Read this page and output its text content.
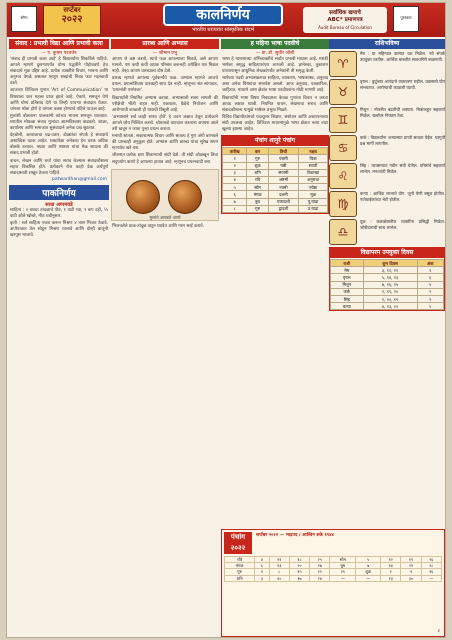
स्टॅम्प
सप्टेंबर
२०२२	कालनिर्णय
भारतीय घराघरांत सांस्कृतिक संदर्भ
सर्वाधिक खपाचे
ABC* प्रमाणपत्र
Audit Bureau of Circulation
पुरस्कार
संवाद : प्रभावी विद्या आणि प्रभावी कला
— ए. कुमार पटवर्धन

'संवाद ही प्रभावी कला आहे' हे विद्यार्थ्यांना शिकविले पाहिजे. आपले म्हणणे दुसऱ्यापर्यंत योग्य पद्धतीने पोहोचवणे हेच संवादाचे मूळ उद्दिष्ट आहे. प्रत्येक व्यक्तीचे विचार, भावना आणि अनुभव वेगळे असतात म्हणून शब्दांची निवड फार महत्त्वाची ठरते.

आजच्या डिजिटल युगात 'Art of Communication' या विषयाला फार महत्त्व प्राप्त झाले आहे. ऐकणे, समजून घेणे आणि योग्य प्रतिसाद देणे या तिन्ही पायऱ्या संवादात येतात. चांगला श्रोता होणे हे चांगला वक्ता होण्याचे पहिले पाऊल आहे.

मुलांशी बोलताना पालकांनी त्यांच्या भावना समजून घ्याव्यात. घरातील मोकळा संवाद मुलांचा आत्मविश्वास वाढवतो. शाळा, कार्यालय आणि समाजात सुसंवादाने अनेक प्रश्न सुटतात.

देहबोली, आवाजाचा चढ-उतार, डोळ्यांचा संपर्क हे संवादाचे अशाब्दिक घटक आहेत. शब्दांपेक्षा अनेकदा हेच घटक अधिक बोलके ठरतात. नम्रता आणि स्पष्टता यांचा मेळ साधला की संवाद प्रभावी होतो.

वाचन, लेखन आणि चर्चा यांचा सराव केल्यास संवादकौशल्य सहज विकसित होते. प्रत्येकाने रोज काही वेळ अर्थपूर्ण संवादासाठी राखून ठेवला पाहिजे.

patwardhan@gmail.com
पाकनिर्णय
साधा अप्पमवडे

साहित्य : २ वाट्या तांदळाचे पीठ, १ वाटी रवा, १ कप दही, ½ वाटी ओले खोबरे, मीठ चवीनुसार.

कृती : सर्व साहित्य एकत्र करून मिश्रण ४ तास भिजत ठेवावे. अप्पेपात्रात तेल सोडून मिश्रण घालावे आणि दोन्ही बाजूंनी खरपूस भाजावे.

प्रारब्ध आणि अभ्यास
— श्रीमान प्रभु

आपण जे कष्ट करतो, त्याचे फळ आपल्याला मिळते, असे आपण मानतो. पण कधी कधी अथक परिश्रम करूनही अपेक्षित यश मिळत नाही. तेव्हा आपण प्रारब्धाला दोष देतो.

प्रारब्ध म्हणजे आपल्या पूर्वकर्मांचे फळ. अभ्यास म्हणजे आजचे प्रयत्न. प्रयत्नांशिवाय प्रारब्धही साथ देत नाही. म्हणूनच संत सांगतात, 'प्रयत्नांती परमेश्वर'.

विद्यार्थ्यांनी नियमित अभ्यास करावा. अभ्यासाची सवय लागली की परीक्षेची भीती राहत नाही. एकाग्रता, वेळेचे नियोजन आणि आरोग्याची काळजी ही यशाची त्रिसूत्री आहे.

'अभ्यासाने सर्व काही साध्य होते' हे वचन लक्षात ठेवून प्रत्येकाने आपले ध्येय निश्चित करावे. ध्येयाकडे वाटचाल करताना अपयश आले तरी खचून न जाता पुन्हा प्रयत्न करावा.

मनाची शांतता, सकारात्मक विचार आणि सातत्य हे गुण अंगी बाणवले की प्रारब्धही अनुकूल होते. अभ्यास आणि प्रारब्ध यांचा सुरेख संगम म्हणजेच खरे यश.

जीवनात प्रत्येक क्षण शिकण्याची संधी देतो. ती संधी ओळखून तिचा सदुपयोग करणे हे आपल्या हातात आहे. म्हणूनच प्रयत्नवादी बना.

मुलांचे आवडते आप्पे

भिजवलेले डाळ-तांदूळ वाटून घ्यावेत आणि गरम सर्व्ह करावे.

ह महिना भाषा पदवीचे
— प्रा. डॉ. सुधीर जोशी

भाषा हे माणसाच्या अभिव्यक्तीचे सर्वात प्रभावी माध्यम आहे. मराठी भाषेला समृद्ध साहित्यपरंपरा लाभली आहे. ज्ञानेश्वर, तुकाराम यांच्यापासून आधुनिक लेखकांपर्यंत अनेकांनी ती समृद्ध केली.

भाषेच्या पदवी अभ्यासक्रमात साहित्य, व्याकरण, भाषाशास्त्र, अनुवाद अशा अनेक विषयांचा समावेश असतो. आज अनुवाद, पत्रकारिता, जाहिरात, माध्यमे अशा क्षेत्रांत भाषा पदवीधरांना मोठी मागणी आहे.

विद्यार्थ्यांनी भाषा विषय निवडताना केवळ गुणांचा विचार न करता आवड लक्षात घ्यावी. नियमित वाचन, लेखनाचा सराव आणि संवादकौशल्य यामुळे भाषेवर प्रभुत्व मिळते.

विविध विद्यापीठांमध्ये पदव्युत्तर शिक्षण, संशोधन आणि अध्यापनाच्या संधी उपलब्ध आहेत. डिजिटल माध्यमांमुळे भाषा क्षेत्रात नव्या वाटा खुल्या झाल्या आहेत.

पंचांग शानुरे पंचांग
तारीख	वार	तिथी	नक्षत्र
१	गुरु	पंचमी	चित्रा
२	शुक्र	षष्ठी	स्वाती
३	शनि	सप्तमी	विशाखा
४	रवि	अष्टमी	अनुराधा
५	सोम	नवमी	ज्येष्ठा
६	मंगळ	दशमी	मूळ
७	बुध	एकादशी	पू.षाढा
८	गुरु	द्वादशी	उ.षाढा
राशिभविष्य
♈
मेष : या महिन्यात कामात यश मिळेल. नवे संपर्क उपयुक्त ठरतील. आर्थिक बाबतीत सावधगिरी बाळगावी.
♉
वृषभ : कुटुंबात आनंदाचे वातावरण राहील. प्रवासाचे योग संभवतात. आरोग्याची काळजी घ्यावी.
♊
मिथुन : नोकरीत बढतीची शक्यता. मित्रांकडून सहकार्य मिळेल. खर्चावर नियंत्रण ठेवा.
♋
कर्क : विद्यार्थ्यांना अभ्यासात प्रगती साधता येईल. घरगुती प्रश्न मार्गी लागतील.
♌
सिंह : व्यवसायात नवीन संधी येतील. वरिष्ठांचे सहकार्य लाभेल. मनःशांती मिळेल.
♍
कन्या : आर्थिक लाभाचे योग. जुनी येणी वसूल होतील. नातेवाईकांच्या भेटी होतील.
♎
तूळ : कलाक्षेत्रातील व्यक्तींना प्रसिद्धी मिळेल. जोडीदाराची साथ लाभेल.
विद्यापरम उपयुक्त दिवस
राशी	शुभ दिवस	अंक
मेष	३, १२, २१	९
वृषभ	५, १४, २३	६
मिथुन	७, १६, २५	५
कर्क	२, ११, २०	२
सिंह	१, १०, १९	१
कन्या	४, १३, २२	५
पंचांग
२०२२
सप्टेंबर २०२२ — भाद्रपद / आश्विन शके १९४४
रवि	४	११	१८	२५	सोम	५	१२	१९	२६
मंगळ	६	१३	२०	२७	बुध	७	१४	२१	२८
गुरु	१	८	१५	२२	२९	शुक्र	२	९	१६
शनि	३	१०	१७	२४	—	—	२३	३०	—
३
